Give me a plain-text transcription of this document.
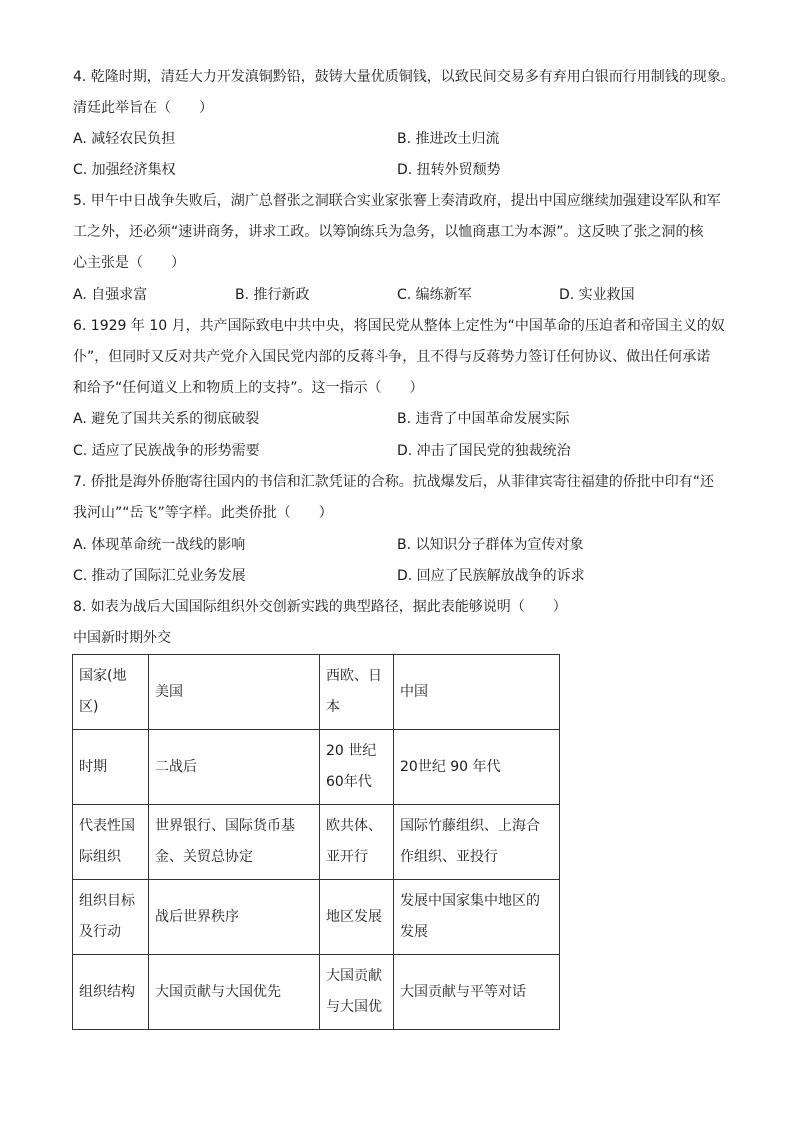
4. 乾隆时期，清廷大力开发滇铜黔铅，鼓铸大量优质铜钱，以致民间交易多有弃用白银而行用制钱的现象。
清廷此举旨在（　　）
A. 减轻农民负担	B. 推进改土归流
C. 加强经济集权	D. 扭转外贸颓势
5. 甲午中日战争失败后，湖广总督张之洞联合实业家张謇上奏清政府，提出中国应继续加强建设军队和军
工之外，还必须“速讲商务，讲求工政。以筹饷练兵为急务，以恤商惠工为本源”。这反映了张之洞的核
心主张是（　　）
A. 自强求富	B. 推行新政	C. 编练新军	D. 实业救国
6. 1929 年 10 月，共产国际致电中共中央，将国民党从整体上定性为“中国革命的压迫者和帝国主义的奴
仆”，但同时又反对共产党介入国民党内部的反蒋斗争，且不得与反蒋势力签订任何协议、做出任何承诺
和给予“任何道义上和物质上的支持”。这一指示（　　）
A. 避免了国共关系的彻底破裂	B. 违背了中国革命发展实际
C. 适应了民族战争的形势需要	D. 冲击了国民党的独裁统治
7. 侨批是海外侨胞寄往国内的书信和汇款凭证的合称。抗战爆发后，从菲律宾寄往福建的侨批中印有“还
我河山”“岳飞”等字样。此类侨批（　　）
A. 体现革命统一战线的影响	B. 以知识分子群体为宣传对象
C. 推动了国际汇兑业务发展	D. 回应了民族解放战争的诉求
8. 如表为战后大国国际组织外交创新实践的典型路径，据此表能够说明（　　）
中国新时期外交
国家(地区)	美国	西欧、日本	中国
时期	二战后	20 世纪 60年代	20世纪 90 年代
代表性国际组织	世界银行、国际货币基金、关贸总协定	欧共体、亚开行	国际竹藤组织、上海合作组织、亚投行
组织目标及行动	战后世界秩序	地区发展	发展中国家集中地区的发展
组织结构	大国贡献与大国优先	大国贡献与大国优	大国贡献与平等对话
